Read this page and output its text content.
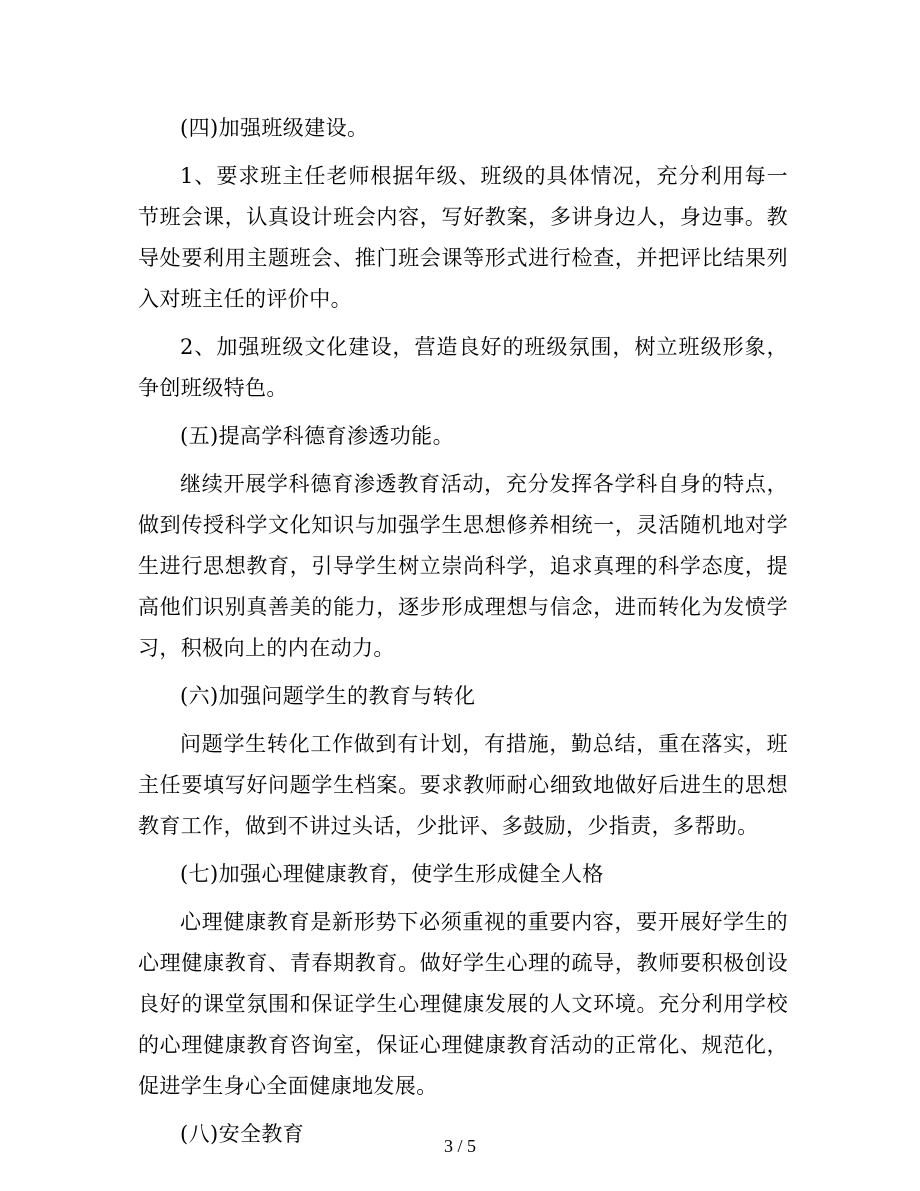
(四)加强班级建设。

1、要求班主任老师根据年级、班级的具体情况，充分利用每一节班会课，认真设计班会内容，写好教案，多讲身边人，身边事。教导处要利用主题班会、推门班会课等形式进行检查，并把评比结果列入对班主任的评价中。

2、加强班级文化建设，营造良好的班级氛围，树立班级形象，争创班级特色。

(五)提高学科德育渗透功能。

继续开展学科德育渗透教育活动，充分发挥各学科自身的特点，做到传授科学文化知识与加强学生思想修养相统一，灵活随机地对学生进行思想教育，引导学生树立崇尚科学，追求真理的科学态度，提高他们识别真善美的能力，逐步形成理想与信念，进而转化为发愤学习，积极向上的内在动力。

(六)加强问题学生的教育与转化

问题学生转化工作做到有计划，有措施，勤总结，重在落实，班主任要填写好问题学生档案。要求教师耐心细致地做好后进生的思想教育工作，做到不讲过头话，少批评、多鼓励，少指责，多帮助。

(七)加强心理健康教育，使学生形成健全人格

心理健康教育是新形势下必须重视的重要内容，要开展好学生的心理健康教育、青春期教育。做好学生心理的疏导，教师要积极创设良好的课堂氛围和保证学生心理健康发展的人文环境。充分利用学校的心理健康教育咨询室，保证心理健康教育活动的正常化、规范化，促进学生身心全面健康地发展。

(八)安全教育	3 / 5
